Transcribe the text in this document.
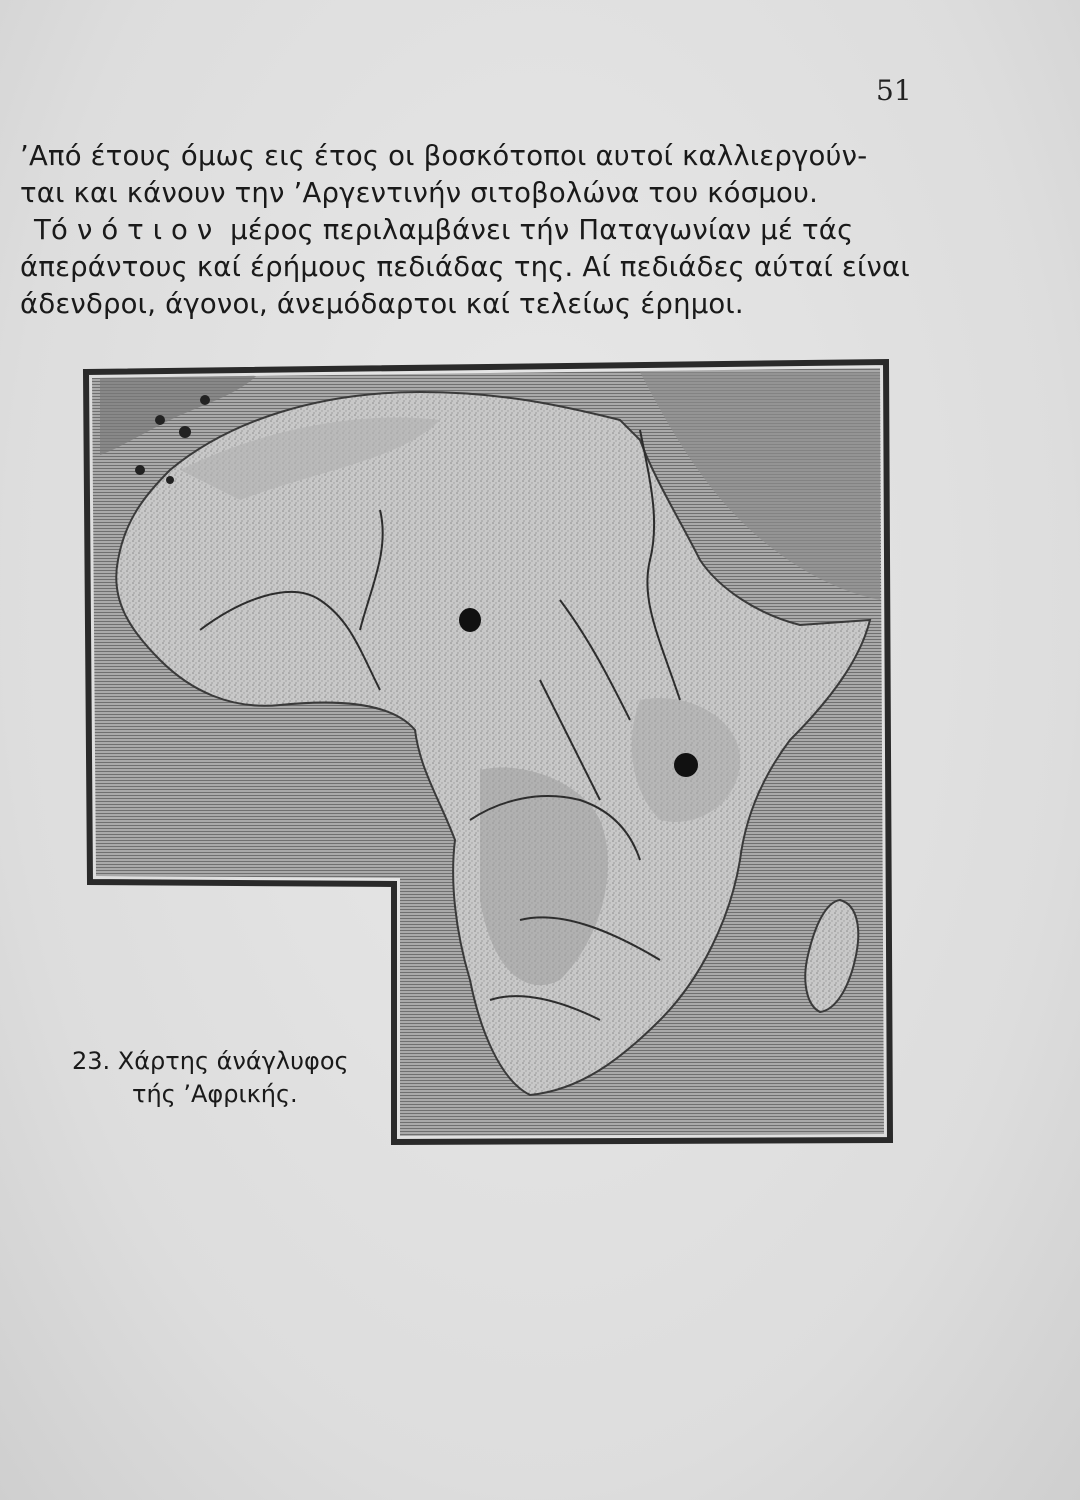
51
’Από έτους όμως εις έτος οι βοσκότοποι αυτοί καλλιεργούν-
ται και κάνουν την ’Αργεντινήν σιτοβολώνα του κόσμου.
Τό νότιον μέρος περιλαμβάνει τήν Παταγωνίαν μέ τάς
άπεράντους καί έρήμους πεδιάδας της. Αί πεδιάδες αύταί είναι
άδενδροι, άγονοι, άνεμόδαρτοι καί τελείως έρημοι.
23. Χάρτης άνάγλυφος
τής ’Αφρικής.
